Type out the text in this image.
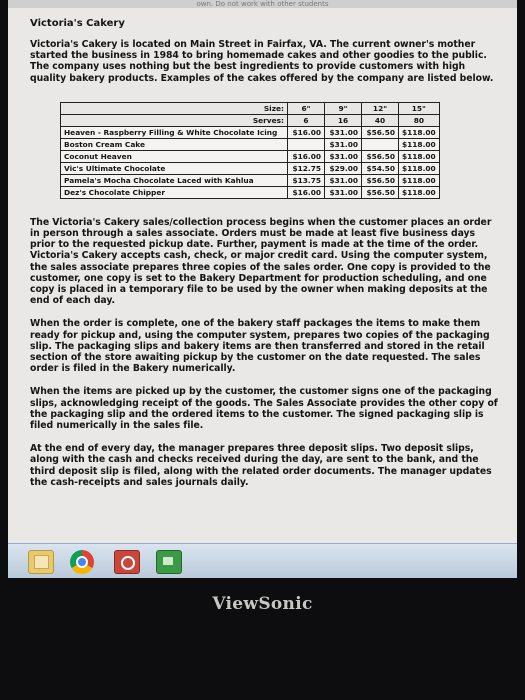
own. Do not work with other students
Victoria's Cakery

Victoria's Cakery is located on Main Street in Fairfax, VA. The current owner's mother started the business in 1984 to bring homemade cakes and other goodies to the public. The company uses nothing but the best ingredients to provide customers with high quality bakery products. Examples of the cakes offered by the company are listed below.

Size:	6"	9"	12"	15"
Serves:	6	16	40	80
Heaven - Raspberry Filling & White Chocolate Icing	$16.00	$31.00	$56.50	$118.00
Boston Cream Cake		$31.00		$118.00
Coconut Heaven	$16.00	$31.00	$56.50	$118.00
Vic's Ultimate Chocolate	$12.75	$29.00	$54.50	$118.00
Pamela's Mocha Chocolate Laced with Kahlua	$13.75	$31.00	$56.50	$118.00
Dez's Chocolate Chipper	$16.00	$31.00	$56.50	$118.00

The Victoria's Cakery sales/collection process begins when the customer places an order in person through a sales associate. Orders must be made at least five business days prior to the requested pickup date. Further, payment is made at the time of the order. Victoria's Cakery accepts cash, check, or major credit card. Using the computer system, the sales associate prepares three copies of the sales order. One copy is provided to the customer, one copy is set to the Bakery Department for production scheduling, and one copy is placed in a temporary file to be used by the owner when making deposits at the end of each day.

When the order is complete, one of the bakery staff packages the items to make them ready for pickup and, using the computer system, prepares two copies of the packaging slip. The packaging slips and bakery items are then transferred and stored in the retail section of the store awaiting pickup by the customer on the date requested. The sales order is filed in the Bakery numerically.

When the items are picked up by the customer, the customer signs one of the packaging slips, acknowledging receipt of the goods. The Sales Associate provides the other copy of the packaging slip and the ordered items to the customer. The signed packaging slip is filed numerically in the sales file.

At the end of every day, the manager prepares three deposit slips. Two deposit slips, along with the cash and checks received during the day, are sent to the bank, and the third deposit slip is filed, along with the related order documents. The manager updates the cash-receipts and sales journals daily.

ViewSonic
